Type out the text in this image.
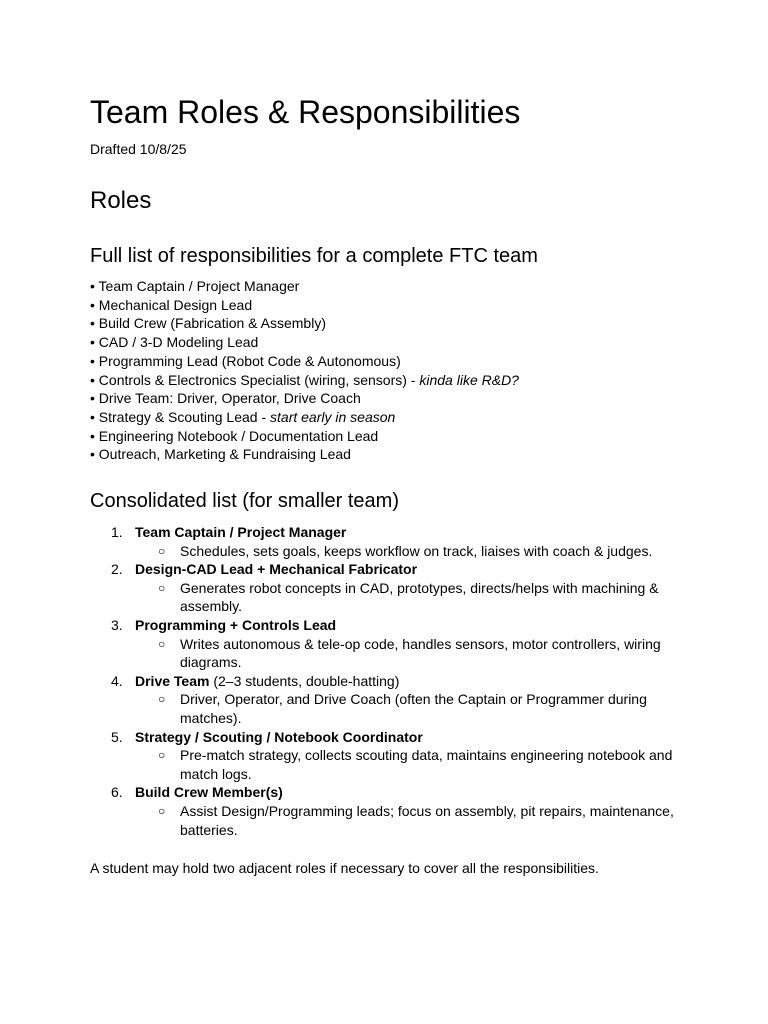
Team Roles & Responsibilities

Drafted 10/8/25

Roles
Full list of responsibilities for a complete FTC team
• Team Captain / Project Manager
• Mechanical Design Lead
• Build Crew (Fabrication & Assembly)
• CAD / 3-D Modeling Lead
• Programming Lead (Robot Code & Autonomous)
• Controls & Electronics Specialist (wiring, sensors) - kinda like R&D?
• Drive Team: Driver, Operator, Drive Coach
• Strategy & Scouting Lead - start early in season
• Engineering Notebook / Documentation Lead
• Outreach, Marketing & Fundraising Lead
Consolidated list (for smaller team)
1. Team Captain / Project Manager
○ Schedules, sets goals, keeps workflow on track, liaises with coach & judges.
2. Design-CAD Lead + Mechanical Fabricator
○ Generates robot concepts in CAD, prototypes, directs/helps with machining &
assembly.
3. Programming + Controls Lead
○ Writes autonomous & tele-op code, handles sensors, motor controllers, wiring
diagrams.
4. Drive Team (2–3 students, double-hatting)
○ Driver, Operator, and Drive Coach (often the Captain or Programmer during
matches).
5. Strategy / Scouting / Notebook Coordinator
○ Pre-match strategy, collects scouting data, maintains engineering notebook and
match logs.
6. Build Crew Member(s)
○ Assist Design/Programming leads; focus on assembly, pit repairs, maintenance,
batteries.

A student may hold two adjacent roles if necessary to cover all the responsibilities.
